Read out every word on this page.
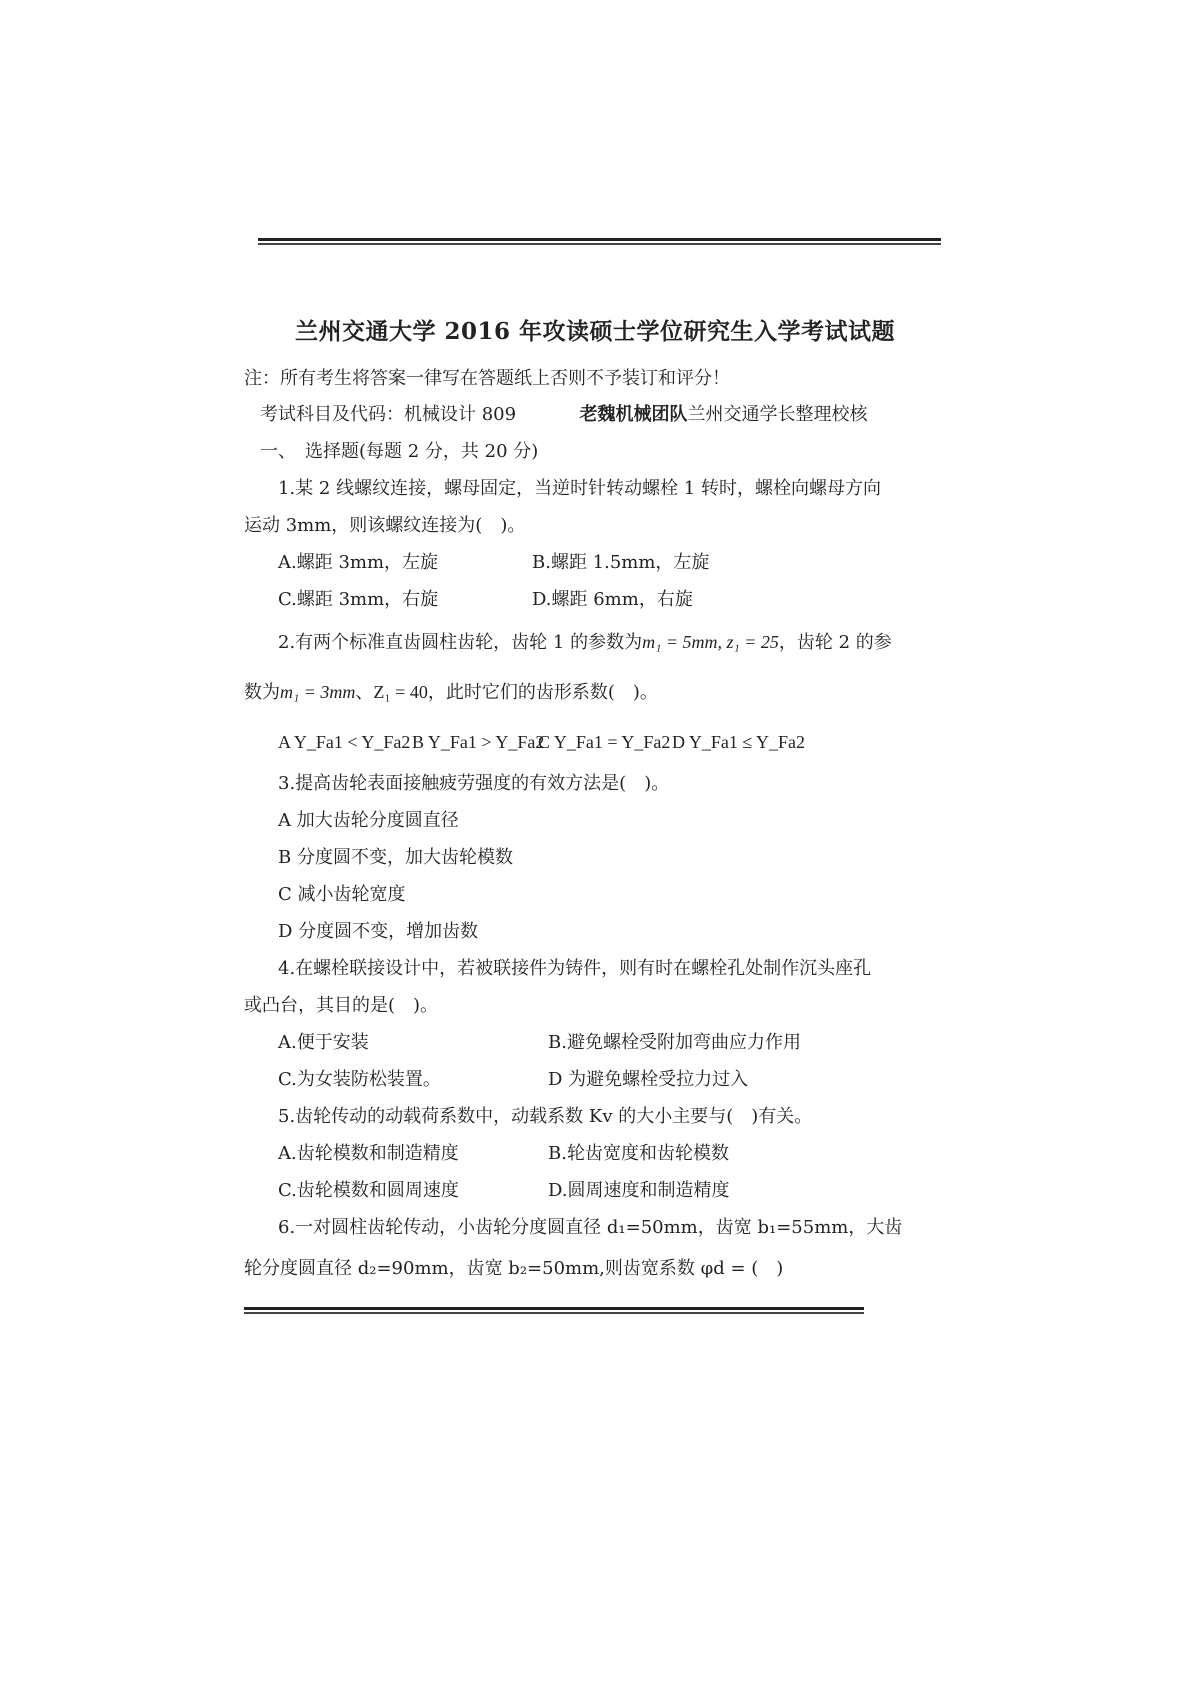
兰州交通大学 2016 年攻读硕士学位研究生入学考试试题
注：所有考生将答案一律写在答题纸上否则不予装订和评分！
考试科目及代码：机械设计 809	老魏机械团队兰州交通学长整理校核
一、　选择题(每题 2 分，共 20 分)
1.某 2 线螺纹连接，螺母固定，当逆时针转动螺栓 1 转时，螺栓向螺母方向
运动 3mm，则该螺纹连接为(　)。
A.螺距 3mm，左旋	B.螺距 1.5mm，左旋
C.螺距 3mm，右旋	D.螺距 6mm，右旋
2.有两个标准直齿圆柱齿轮，齿轮 1 的参数为m₁ = 5mm, z₁ = 25，齿轮 2 的参
数为m₁ = 3mm、Z₁ = 40，此时它们的齿形系数(　)。
A Y_Fa1 < Y_Fa2 B Y_Fa1 > Y_Fa2
C Y_Fa1 = Y_Fa2 D Y_Fa1 ≤ Y_Fa2
3.提高齿轮表面接触疲劳强度的有效方法是(　)。
A 加大齿轮分度圆直径
B 分度圆不变，加大齿轮模数
C 减小齿轮宽度
D 分度圆不变，增加齿数
4.在螺栓联接设计中，若被联接件为铸件，则有时在螺栓孔处制作沉头座孔
或凸台，其目的是(　)。
A.便于安装	B.避免螺栓受附加弯曲应力作用
C.为女装防松装置。	D 为避免螺栓受拉力过入
5.齿轮传动的动载荷系数中，动载系数 Kv 的大小主要与(　)有关。
A.齿轮模数和制造精度	B.轮齿宽度和齿轮模数
C.齿轮模数和圆周速度	D.圆周速度和制造精度
6.一对圆柱齿轮传动，小齿轮分度圆直径 d₁=50mm，齿宽 b₁=55mm，大齿
轮分度圆直径 d₂=90mm，齿宽 b₂=50mm,则齿宽系数 φd = (　)
